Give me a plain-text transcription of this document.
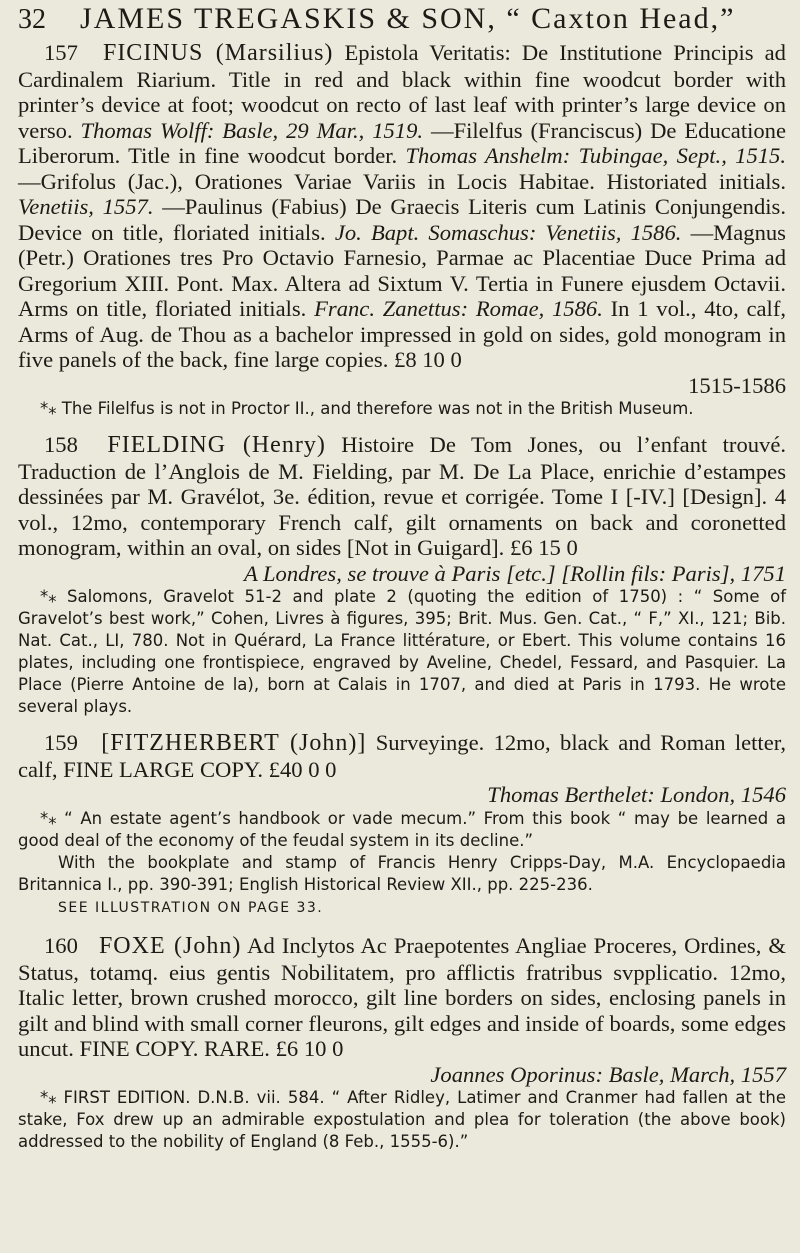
32 JAMES TREGASKIS & SON, “ Caxton Head,”

157 FICINUS (Marsilius) Epistola Veritatis: De Institutione Principis ad Cardinalem Riarium. Title in red and black within fine woodcut border with printer’s device at foot; woodcut on recto of last leaf with printer’s large device on verso. Thomas Wolff: Basle, 29 Mar., 1519. —Filelfus (Franciscus) De Educatione Liberorum. Title in fine woodcut border. Thomas Anshelm: Tubingae, Sept., 1515. —Grifolus (Jac.), Orationes Variae Variis in Locis Habitae. Historiated initials. Venetiis, 1557. —Paulinus (Fabius) De Graecis Literis cum Latinis Conjungendis. Device on title, floriated initials. Jo. Bapt. Somaschus: Venetiis, 1586. —Magnus (Petr.) Orationes tres Pro Octavio Farnesio, Parmae ac Placentiae Duce Prima ad Gregorium XIII. Pont. Max. Altera ad Sixtum V. Tertia in Funere ejusdem Octavii. Arms on title, floriated initials. Franc. Zanettus: Romae, 1586. In 1 vol., 4to, calf, Arms of Aug. de Thou as a bachelor impressed in gold on sides, gold monogram in five panels of the back, fine large copies. £8 10 0

1515-1586

*⁎ The Filelfus is not in Proctor II., and therefore was not in the British Museum.

158 FIELDING (Henry) Histoire De Tom Jones, ou l’enfant trouvé. Traduction de l’Anglois de M. Fielding, par M. De La Place, enrichie d’estampes dessinées par M. Gravélot, 3e. édition, revue et corrigée. Tome I [-IV.] [Design]. 4 vol., 12mo, contemporary French calf, gilt ornaments on back and coronetted monogram, within an oval, on sides [Not in Guigard]. £6 15 0

A Londres, se trouve à Paris [etc.] [Rollin fils: Paris], 1751

*⁎ Salomons, Gravelot 51-2 and plate 2 (quoting the edition of 1750) : “ Some of Gravelot’s best work,” Cohen, Livres à figures, 395; Brit. Mus. Gen. Cat., “ F,” XI., 121; Bib. Nat. Cat., LI, 780. Not in Quérard, La France littérature, or Ebert. This volume contains 16 plates, including one frontispiece, engraved by Aveline, Chedel, Fessard, and Pasquier. La Place (Pierre Antoine de la), born at Calais in 1707, and died at Paris in 1793. He wrote several plays.

159 [FITZHERBERT (John)] Surveyinge. 12mo, black and Roman letter, calf, FINE LARGE COPY. £40 0 0

Thomas Berthelet: London, 1546

*⁎ “ An estate agent’s handbook or vade mecum.” From this book “ may be learned a good deal of the economy of the feudal system in its decline.”

With the bookplate and stamp of Francis Henry Cripps-Day, M.A. Encyclopaedia Britannica I., pp. 390-391; English Historical Review XII., pp. 225-236.

SEE ILLUSTRATION ON PAGE 33.

160 FOXE (John) Ad Inclytos Ac Praepotentes Angliae Proceres, Ordines, & Status, totamq. eius gentis Nobilitatem, pro afflictis fratribus svpplicatio. 12mo, Italic letter, brown crushed morocco, gilt line borders on sides, enclosing panels in gilt and blind with small corner fleurons, gilt edges and inside of boards, some edges uncut. FINE COPY. RARE. £6 10 0

Joannes Oporinus: Basle, March, 1557

*⁎ FIRST EDITION. D.N.B. vii. 584. “ After Ridley, Latimer and Cranmer had fallen at the stake, Fox drew up an admirable expostulation and plea for toleration (the above book) addressed to the nobility of England (8 Feb., 1555-6).”
